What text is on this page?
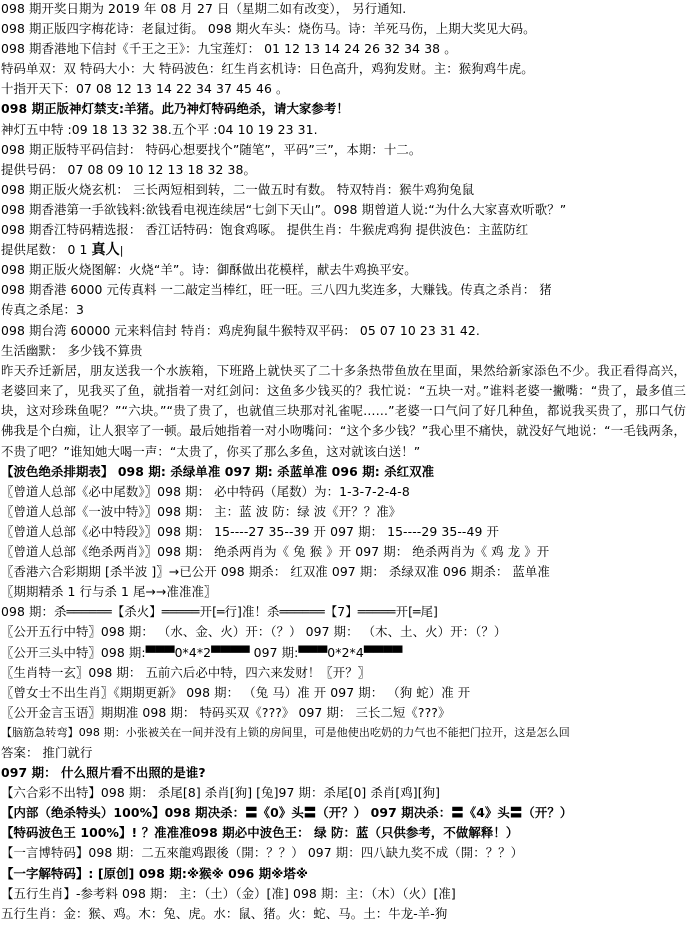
098 期开奖日期为 2019 年 08 月 27 日（星期二如有改变）， 另行通知.
098 期正版四字梅花诗：老鼠过街。 098 期火车头：烧伤马。诗：羊死马伤，上期大奖见大码。
098 期香港地下信封《千王之王》：九宝莲灯： 01 12 13 14 24 26 32 34 38 。
特码单双：双 特码大小：大 特码波色：红生肖玄机诗：日色高升，鸡狗发财。主：猴狗鸡牛虎。
十指开天下：07 08 12 13 14 22 34 37 45 46 。
098 期正版神灯禁支:羊猪。此乃神灯特码绝杀，请大家参考！
神灯五中特 :09 18 13 32 38.五个平 :04 10 19 23 31.
098 期正版特平码信封： 特码心想要找个”随笔”，平码”三”，本期：十二。
提供号码： 07 08 09 10 12 13 18 32 38。
098 期正版火烧玄机： 三长两短相到转，二一做五时有数。 特双特肖：猴牛鸡狗兔鼠
098 期香港第一手欲钱料:欲钱看电视连续居“七剑下天山”。098 期曾道人说:“为什么大家喜欢听歌？”
098 期香江特码精选报： 香江话特码：饱食鸡啄。 提供生肖：牛猴虎鸡狗 提供波色：主蓝防红
提供尾数： 0 1 真人|
098 期正版火烧图解：火烧“羊”。诗：御酥做出花模样，献去牛鸡换平安。
098 期香港 6000 元传真料 一二敲定当棒红，旺一旺。三八四九奖连多，大赚钱。传真之杀肖： 猪
传真之杀尾：3
098 期台湾 60000 元来料信封 特肖：鸡虎狗鼠牛猴特双平码： 05 07 10 23 31 42.
生活幽默： 多少钱不算贵
昨天乔迁新居，朋友送我一个水族箱，下班路上就快买了二十多条热带鱼放在里面，果然给新家添色不少。我正看得高兴，老婆回来了，见我买了鱼，就指着一对红剑问：这鱼多少钱买的？我忙说：“五块一对。”谁料老婆一撇嘴：“贵了，最多值三块，这对珍珠鱼呢？”“六块。”“贵了贵了，也就值三块那对礼雀呢……”老婆一口气问了好几种鱼，都说我买贵了，那口气仿佛我是个白痴，让人狠宰了一顿。最后她指着一对小吻嘴问：“这个多少钱？”我心里不痛快，就没好气地说：“一毛钱两条，不贵了吧？”谁知她大喝一声：“太贵了，你买了那么多鱼，这对就该白送！”
【波色绝杀排期表】 098 期: 杀绿单准 097 期: 杀蓝单准 096 期: 杀红双准
〖曾道人总部《必中尾数》〗098 期： 必中特码（尾数）为：1-3-7-2-4-8
〖曾道人总部《一波中特》〗098 期： 主：蓝 波 防：绿 波《开？？准》
〖曾道人总部《必中特段》〗098 期： 15----27 35--39 开 097 期： 15----29 35--49 开
〖曾道人总部《绝杀两肖》〗098 期： 绝杀两肖为《 兔 猴 》开 097 期： 绝杀两肖为《 鸡 龙 》开
〖香港六合彩期期 [杀半波 ]〗→已公开 098 期杀： 红双准 097 期： 杀绿双准 096 期杀： 蓝单准
〖期期精杀 1 行与杀 1 尾→→准准准〗
098 期：杀══════【杀火】═════开[═行]准！杀══════【7】═════开[═尾]
〖公开五行中特〗098 期： （水、金、火）开：（？） 097 期： （木、土、火）开：（？）
〖公开三头中特〗098 期:▀▀▀0*4*2▀▀▀▀ 097 期:▀▀▀0*2*4▀▀▀▀
〖生肖特一玄〗098 期： 五前六后必中特，四六来发财！〖开？〗
〖曾女士不出生肖〗《期期更新》 098 期： （兔 马）准 开 097 期： （狗 蛇）准 开
〖公开金言玉语〗期期准 098 期： 特码买双《???》 097 期： 三长二短《???》
【脑筋急转弯】098 期：小张被关在一间并没有上锁的房间里，可是他使出吃奶的力气也不能把门拉开，这是怎么回
答案： 推门就行
097 期： 什么照片看不出照的是谁?
【六合彩不出特】098 期： 杀尾[8] 杀肖[狗] [兔]97 期：杀尾[0] 杀肖[鸡][狗]
【内部（绝杀特头）100%】098 期决杀：〓《0》头〓（开？） 097 期决杀：〓《4》头〓（开？）
【特码波色王 100%】! ？准准准098 期必中波色王： 绿 防：蓝（只供参考，不做解释！）
【一言博特码】098 期：二五來龍鸡跟後（開：？？） 097 期：四八缺九奖不成（開：？？）
【一字解特码】: [原创] 098 期:※猴※ 096 期※塔※
【五行生肖】-参考料 098 期： 主：（土）（金）[准] 098 期：主：（木）（火）[准]
五行生肖：金：猴、鸡。木：兔、虎。水：鼠、猪。火：蛇、马。土：牛龙-羊-狗
